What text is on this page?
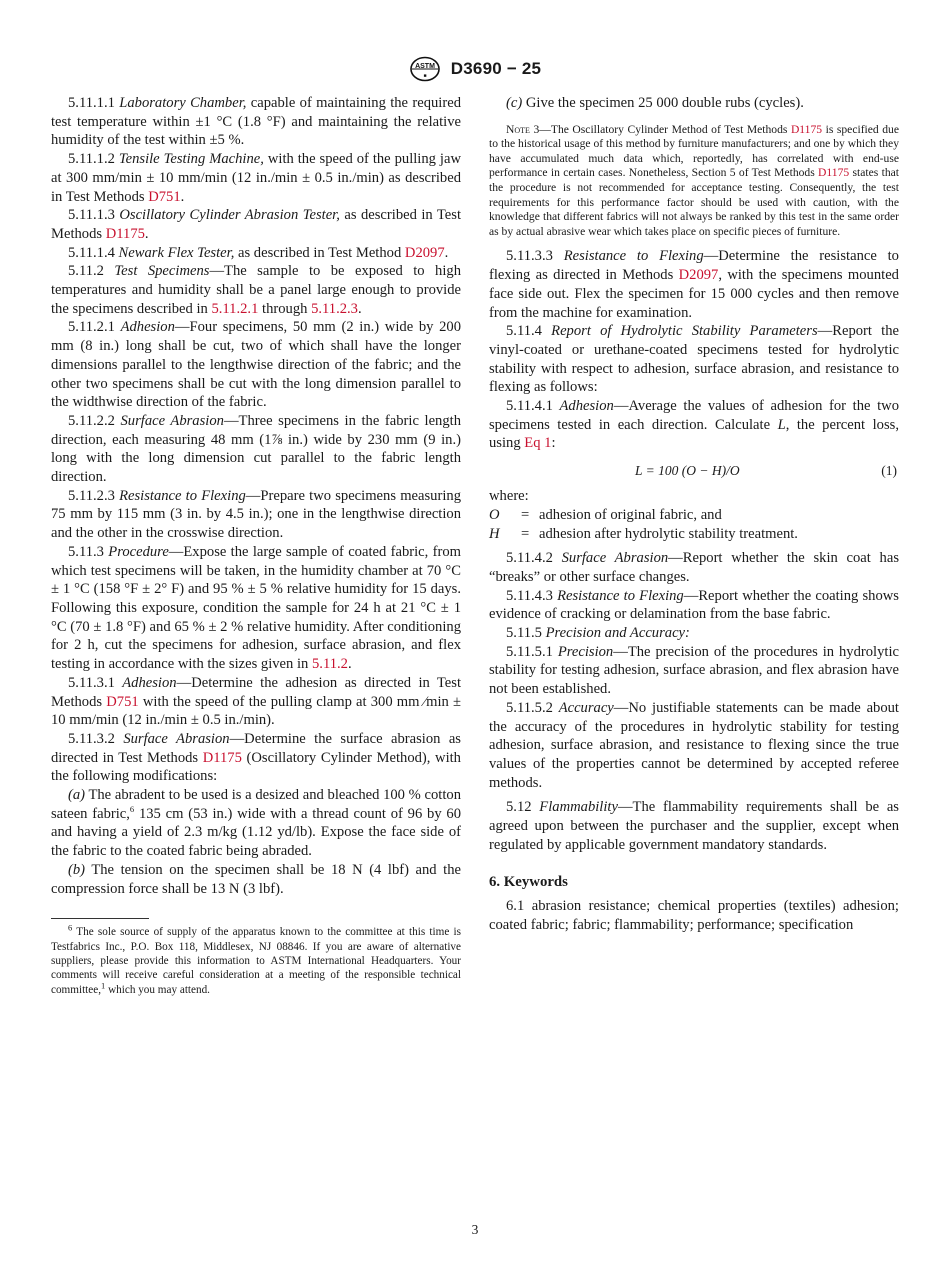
ASTM
■ D3690 − 25

5.11.1.1 Laboratory Chamber, capable of maintaining the required test temperature within ±1 °C (1.8 °F) and maintaining the relative humidity of the test within ±5 %.

5.11.1.2 Tensile Testing Machine, with the speed of the pulling jaw at 300 mm/min ± 10 mm/min (12 in./min ± 0.5 in./min) as described in Test Methods D751.

5.11.1.3 Oscillatory Cylinder Abrasion Tester, as described in Test Methods D1175.

5.11.1.4 Newark Flex Tester, as described in Test Method D2097.

5.11.2 Test Specimens—The sample to be exposed to high temperatures and humidity shall be a panel large enough to provide the specimens described in 5.11.2.1 through 5.11.2.3.

5.11.2.1 Adhesion—Four specimens, 50 mm (2 in.) wide by 200 mm (8 in.) long shall be cut, two of which shall have the longer dimensions parallel to the lengthwise direction of the fabric; and the other two specimens shall be cut with the long dimension parallel to the widthwise direction of the fabric.

5.11.2.2 Surface Abrasion—Three specimens in the fabric length direction, each measuring 48 mm (1⅞ in.) wide by 230 mm (9 in.) long with the long dimension cut parallel to the fabric length direction.

5.11.2.3 Resistance to Flexing—Prepare two specimens measuring 75 mm by 115 mm (3 in. by 4.5 in.); one in the lengthwise direction and the other in the crosswise direction.

5.11.3 Procedure—Expose the large sample of coated fabric, from which test specimens will be taken, in the humidity chamber at 70 °C ± 1 °C (158 °F ± 2° F) and 95 % ± 5 % relative humidity for 15 days. Following this exposure, condition the sample for 24 h at 21 °C ± 1 °C (70 ± 1.8 °F) and 65 % ± 2 % relative humidity. After conditioning for 2 h, cut the specimens for adhesion, surface abrasion, and flex testing in accordance with the sizes given in 5.11.2.

5.11.3.1 Adhesion—Determine the adhesion as directed in Test Methods D751 with the speed of the pulling clamp at 300 mm ⁄min ± 10 mm/min (12 in./min ± 0.5 in./min).

5.11.3.2 Surface Abrasion—Determine the surface abrasion as directed in Test Methods D1175 (Oscillatory Cylinder Method), with the following modifications:

(a) The abradent to be used is a desized and bleached 100 % cotton sateen fabric,$^6$ 135 cm (53 in.) wide with a thread count of 96 by 60 and having a yield of 2.3 m/kg (1.12 yd/lb). Expose the face side of the fabric to the coated fabric being abraded.

(b) The tension on the specimen shall be 18 N (4 lbf) and the compression force shall be 13 N (3 lbf).

$^6$ The sole source of supply of the apparatus known to the committee at this time is Testfabrics Inc., P.O. Box 118, Middlesex, NJ 08846. If you are aware of alternative suppliers, please provide this information to ASTM International Headquarters. Your comments will receive careful consideration at a meeting of the responsible technical committee,$^1$ which you may attend.

(c) Give the specimen 25 000 double rubs (cycles).

Note 3—The Oscillatory Cylinder Method of Test Methods D1175 is specified due to the historical usage of this method by furniture manufacturers; and one by which they have accumulated much data which, reportedly, has correlated with end-use performance in certain cases. Nonetheless, Section 5 of Test Methods D1175 states that the procedure is not recommended for acceptance testing. Consequently, the test requirements for this performance factor should be used with caution, with the knowledge that different fabrics will not always be ranked by this test in the same order as by actual abrasive wear which takes place on specific pieces of furniture.

5.11.3.3 Resistance to Flexing—Determine the resistance to flexing as directed in Methods D2097, with the specimens mounted face side out. Flex the specimen for 15 000 cycles and then remove from the machine for examination.

5.11.4 Report of Hydrolytic Stability Parameters—Report the vinyl-coated or urethane-coated specimens tested for hydrolytic stability with respect to adhesion, surface abrasion, and resistance to flexing as follows:

5.11.4.1 Adhesion—Average the values of adhesion for the two specimens tested in each direction. Calculate L, the percent loss, using Eq 1:

L = 100 (O − H)/O	(1)

where:

O = adhesion of original fabric, and
H = adhesion after hydrolytic stability treatment.

5.11.4.2 Surface Abrasion—Report whether the skin coat has “breaks” or other surface changes.

5.11.4.3 Resistance to Flexing—Report whether the coating shows evidence of cracking or delamination from the base fabric.

5.11.5 Precision and Accuracy:

5.11.5.1 Precision—The precision of the procedures in hydrolytic stability for testing adhesion, surface abrasion, and flex abrasion have not been established.

5.11.5.2 Accuracy—No justifiable statements can be made about the accuracy of the procedures in hydrolytic stability for testing adhesion, surface abrasion, and resistance to flexing since the true values of the properties cannot be determined by accepted referee methods.

5.12 Flammability—The flammability requirements shall be as agreed upon between the purchaser and the supplier, except when regulated by applicable government mandatory standards.

6. Keywords

6.1 abrasion resistance; chemical properties (textiles) adhesion; coated fabric; fabric; flammability; performance; specification

3
